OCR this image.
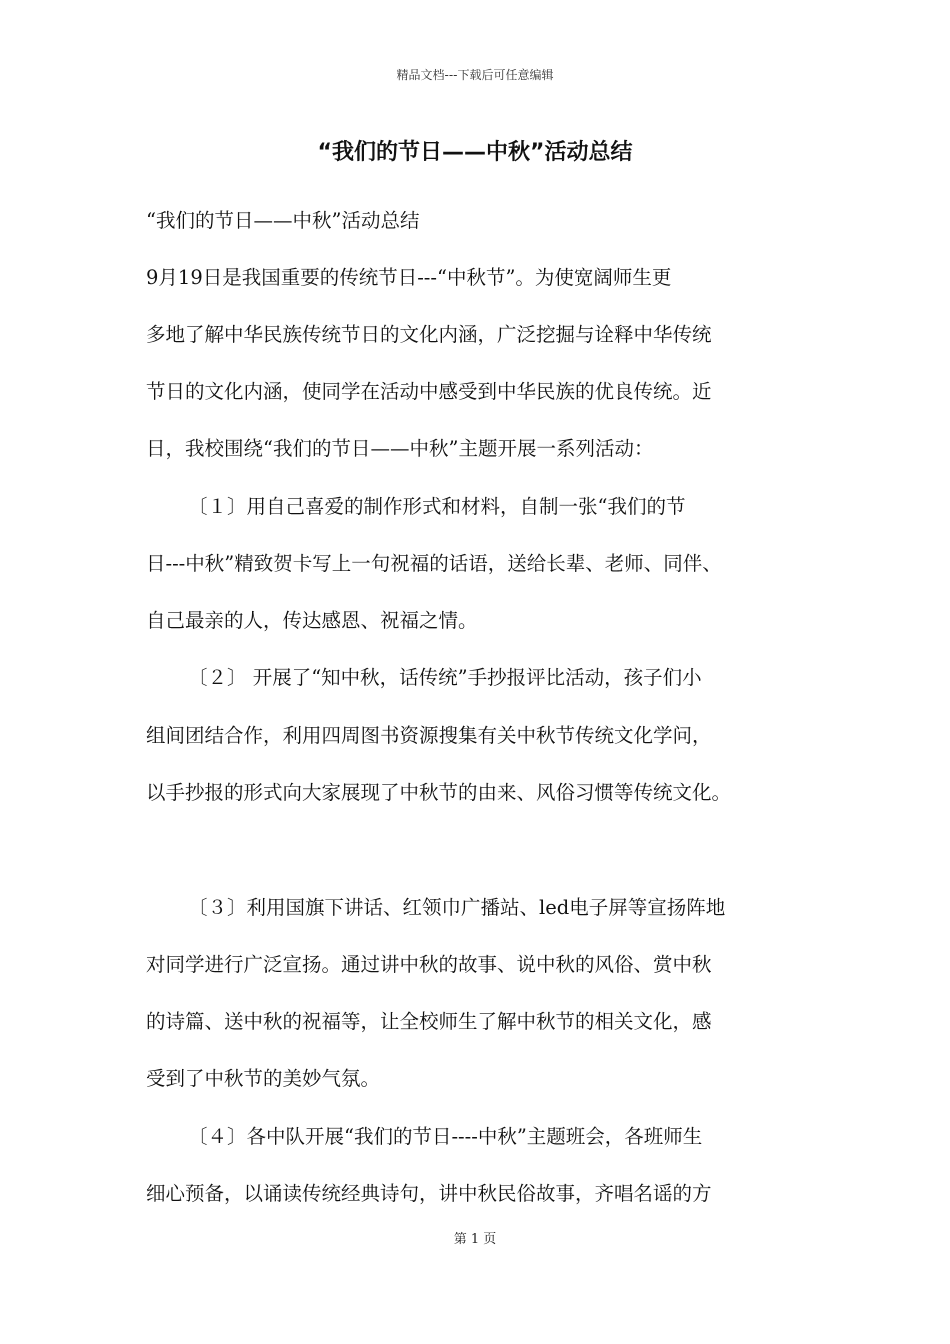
精品文档---下载后可任意编辑
“我们的节日——中秋”活动总结
“我们的节日——中秋”活动总结
9月19日是我国重要的传统节日---“中秋节”。为使宽阔师生更
多地了解中华民族传统节日的文化内涵，广泛挖掘与诠释中华传统
节日的文化内涵，使同学在活动中感受到中华民族的优良传统。近
日，我校围绕“我们的节日——中秋”主题开展一系列活动：
〔１〕用自己喜爱的制作形式和材料，自制一张“我们的节
日---中秋”精致贺卡写上一句祝福的话语，送给长辈、老师、同伴、
自己最亲的人，传达感恩、祝福之情。
〔２〕 开展了“知中秋，话传统”手抄报评比活动，孩子们小
组间团结合作，利用四周图书资源搜集有关中秋节传统文化学问，
以手抄报的形式向大家展现了中秋节的由来、风俗习惯等传统文化。
〔３〕利用国旗下讲话、红领巾广播站、led电子屏等宣扬阵地
对同学进行广泛宣扬。通过讲中秋的故事、说中秋的风俗、赏中秋
的诗篇、送中秋的祝福等，让全校师生了解中秋节的相关文化，感
受到了中秋节的美妙气氛。
〔４〕各中队开展“我们的节日----中秋”主题班会，各班师生
细心预备，以诵读传统经典诗句，讲中秋民俗故事，齐唱名谣的方
第 1 页
